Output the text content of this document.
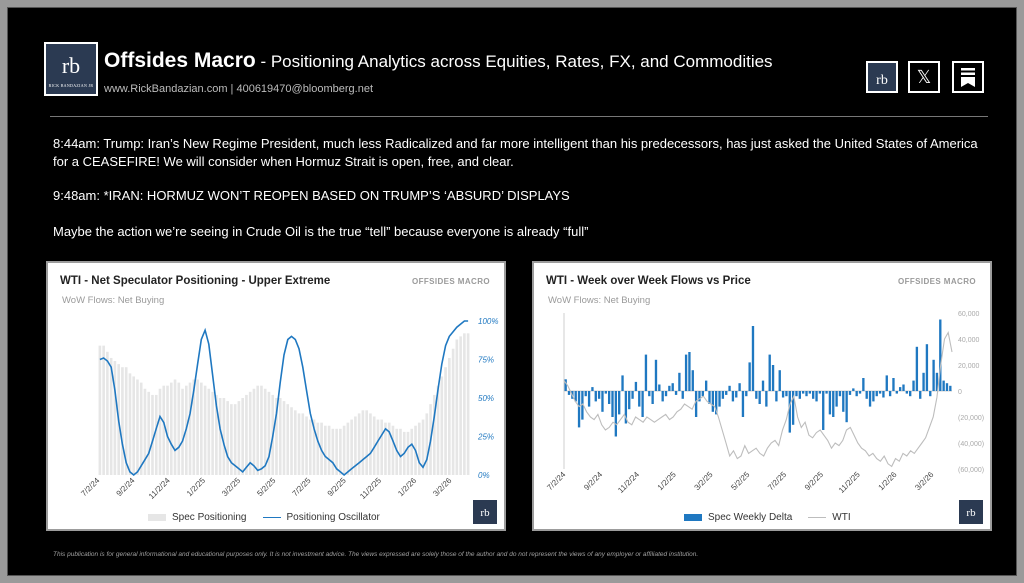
rb
RICK BANDAZIAN JR
Offsides Macro - Positioning Analytics across Equities, Rates, FX, and Commodities
www.RickBandazian.com | 400619470@bloomberg.net
rb	𝕏
8:44am: Trump: Iran’s New Regime President, much less Radicalized and far more intelligent than his predecessors, has just asked the United States of America for a CEASEFIRE! We will consider when Hormuz Strait is open, free, and clear.
9:48am: *IRAN: HORMUZ WON’T REOPEN BASED ON TRUMP’S ‘ABSURD’ DISPLAYS
Maybe the action we’re seeing in Crude Oil is the true “tell” because everyone is already “full”
100%
75%
50%
25%
0%
7/2/24 9/2/24 11/2/24 1/2/25 3/2/25 5/2/25 7/2/25 9/2/25 11/2/25 1/2/26 3/2/26
WTI - Net Speculator Positioning - Upper Extreme	OFFSIDES MACRO
WoW Flows: Net Buying
Spec Positioning	Positioning Oscillator	rb
60,000
40,000
20,000
0
(20,000)
(40,000)
(60,000)
7/2/24 9/2/24 11/2/24 1/2/25 3/2/25 5/2/25 7/2/25 9/2/25 11/2/25 1/2/26 3/2/26
WTI - Week over Week Flows vs Price	OFFSIDES MACRO
WoW Flows: Net Buying
Spec Weekly Delta	WTI	rb
This publication is for general informational and educational purposes only. It is not investment advice. The views expressed are solely those of the author and do not represent the views of any employer or affiliated institution.
